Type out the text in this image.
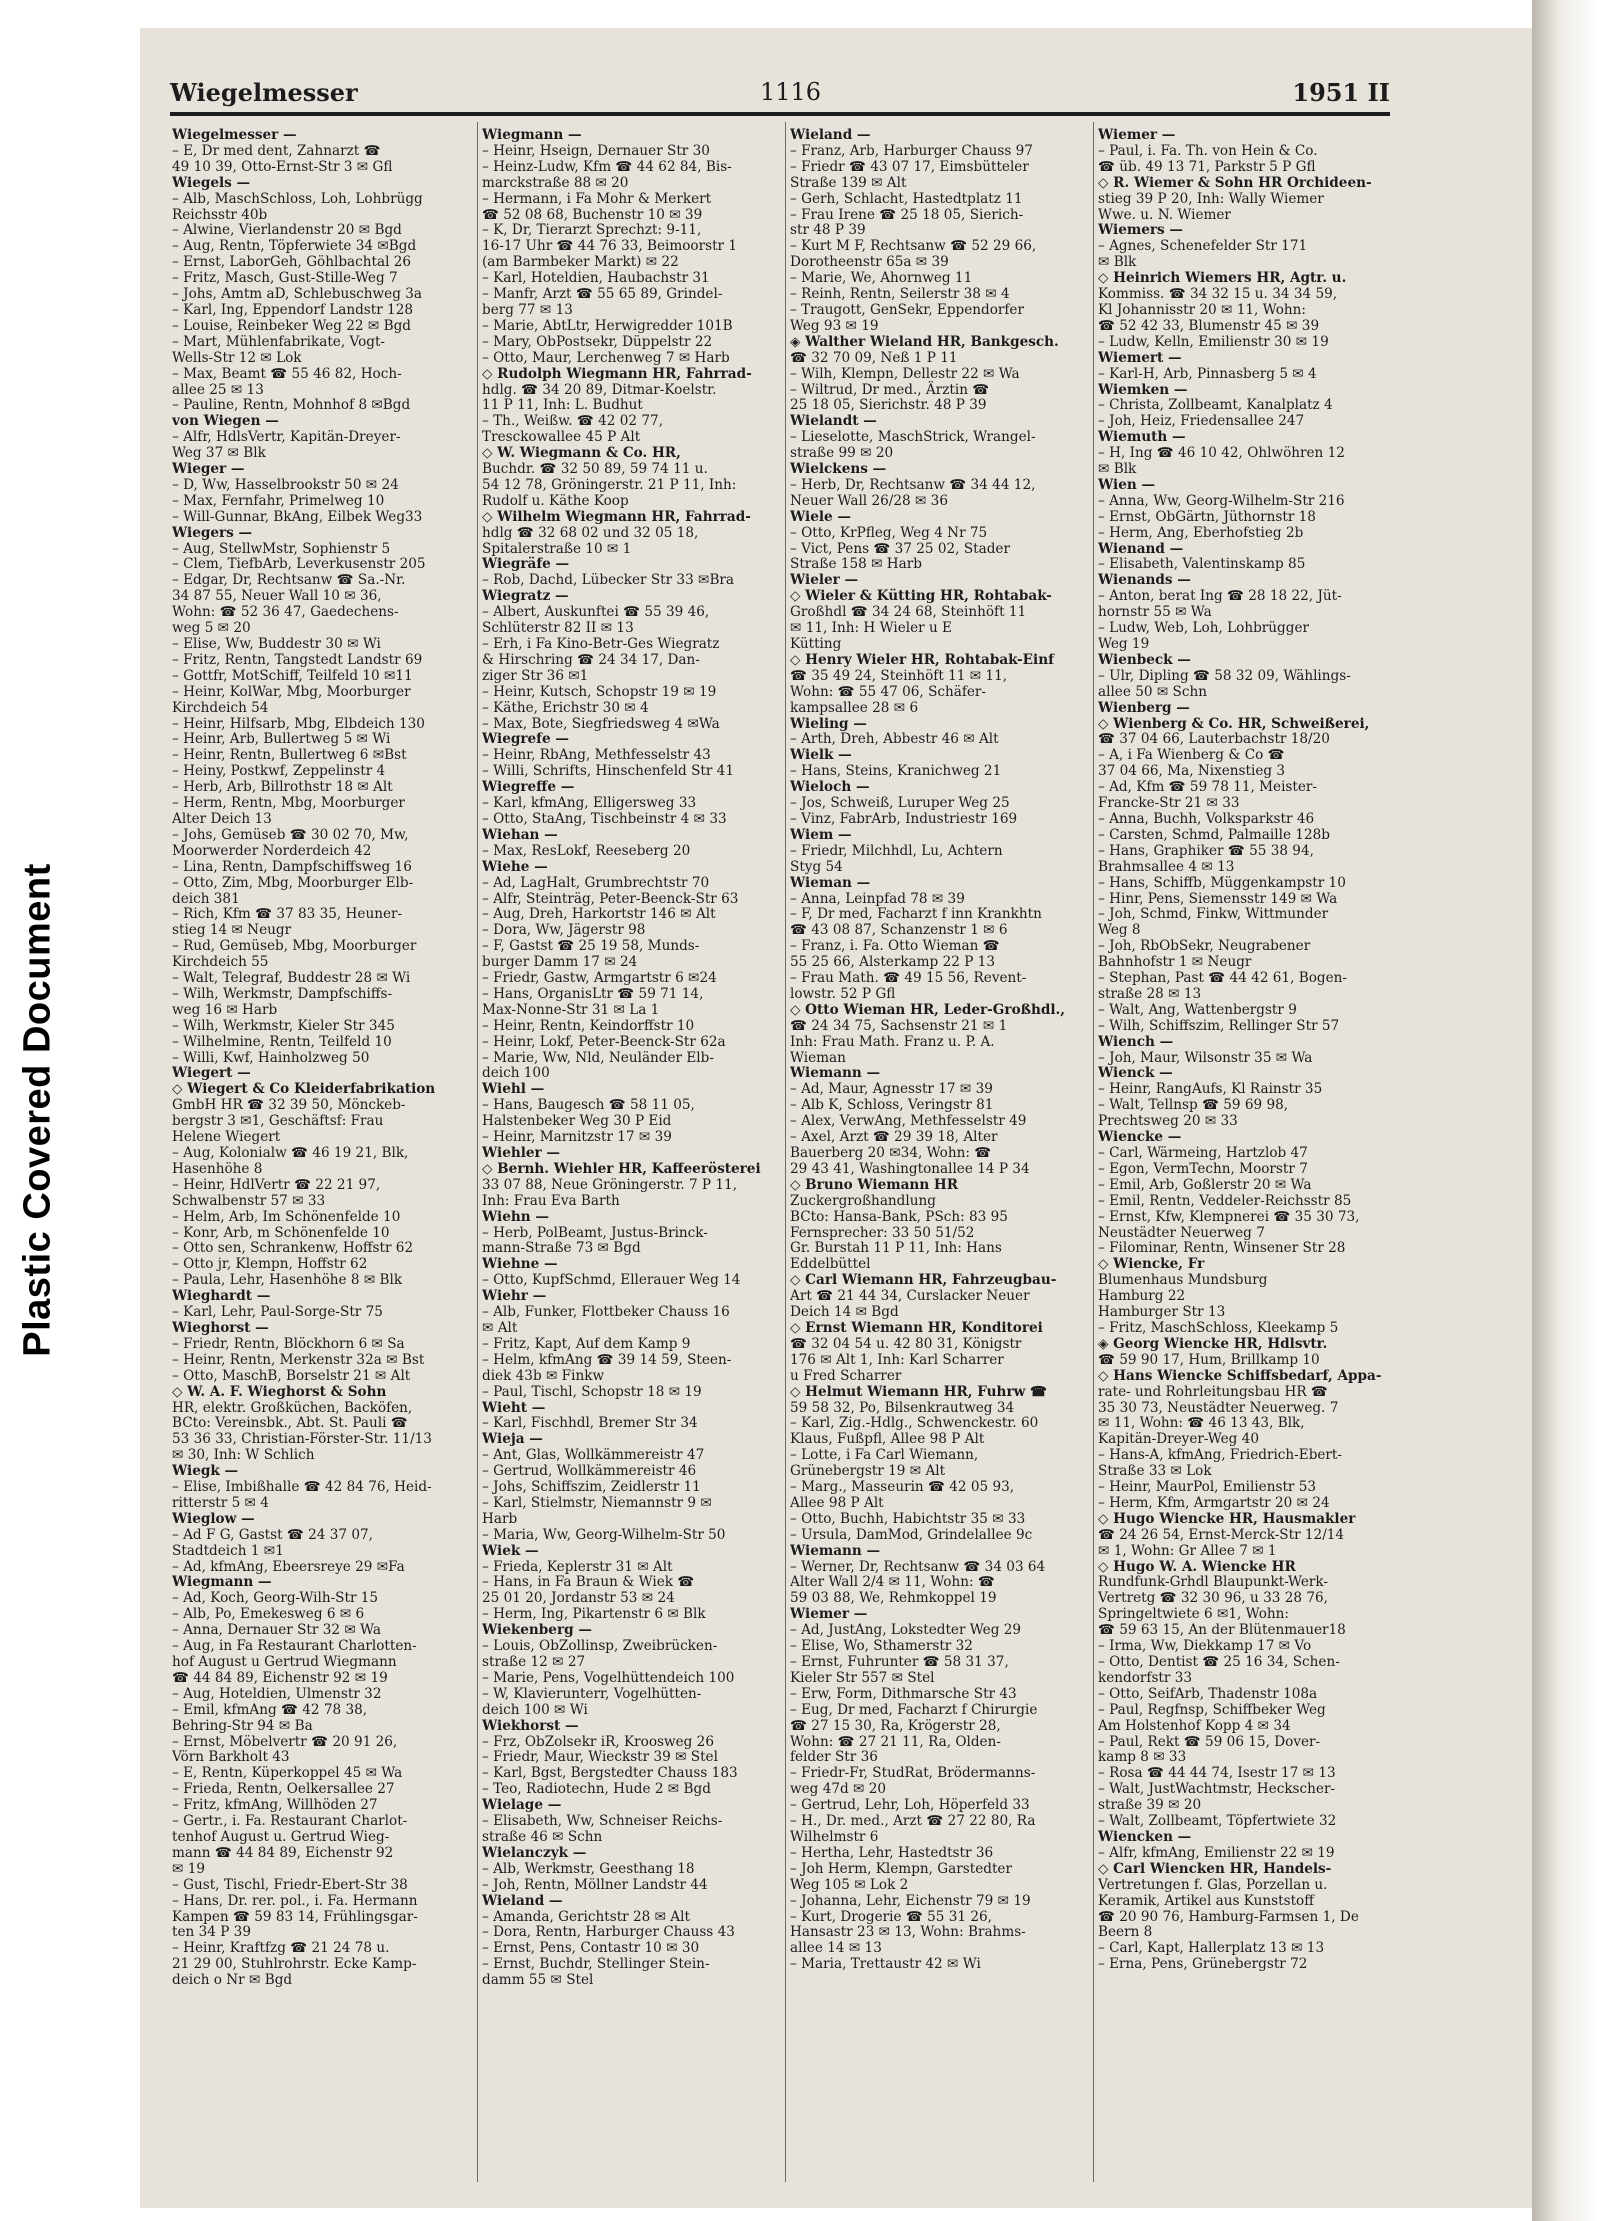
Plastic Covered Document
Wiegelmesser	1116	1951 II
Wiegelmesser —
– E, Dr med dent, Zahnarzt ☎
49 10 39, Otto-Ernst-Str 3 ✉ Gfl
Wiegels —
– Alb, MaschSchloss, Loh, Lohbrügg
Reichsstr 40b
– Alwine, Vierlandenstr 20 ✉ Bgd
– Aug, Rentn, Töpferwiete 34 ✉Bgd
– Ernst, LaborGeh, Göhlbachtal 26
– Fritz, Masch, Gust-Stille-Weg 7
– Johs, Amtm aD, Schlebuschweg 3a
– Karl, Ing, Eppendorf Landstr 128
– Louise, Reinbeker Weg 22 ✉ Bgd
– Mart, Mühlenfabrikate, Vogt-
Wells-Str 12 ✉ Lok
– Max, Beamt ☎ 55 46 82, Hoch-
allee 25 ✉ 13
– Pauline, Rentn, Mohnhof 8 ✉Bgd
von Wiegen —
– Alfr, HdlsVertr, Kapitän-Dreyer-
Weg 37 ✉ Blk
Wieger —
– D, Ww, Hasselbrookstr 50 ✉ 24
– Max, Fernfahr, Primelweg 10
– Will-Gunnar, BkAng, Eilbek Weg33
Wiegers —
– Aug, StellwMstr, Sophienstr 5
– Clem, TiefbArb, Leverkusenstr 205
– Edgar, Dr, Rechtsanw ☎ Sa.-Nr.
34 87 55, Neuer Wall 10 ✉ 36,
Wohn: ☎ 52 36 47, Gaedechens-
weg 5 ✉ 20
– Elise, Ww, Buddestr 30 ✉ Wi
– Fritz, Rentn, Tangstedt Landstr 69
– Gottfr, MotSchiff, Teilfeld 10 ✉11
– Heinr, KolWar, Mbg, Moorburger
Kirchdeich 54
– Heinr, Hilfsarb, Mbg, Elbdeich 130
– Heinr, Arb, Bullertweg 5 ✉ Wi
– Heinr, Rentn, Bullertweg 6 ✉Bst
– Heiny, Postkwf, Zeppelinstr 4
– Herb, Arb, Billrothstr 18 ✉ Alt
– Herm, Rentn, Mbg, Moorburger
Alter Deich 13
– Johs, Gemüseb ☎ 30 02 70, Mw,
Moorwerder Norderdeich 42
– Lina, Rentn, Dampfschiffsweg 16
– Otto, Zim, Mbg, Moorburger Elb-
deich 381
– Rich, Kfm ☎ 37 83 35, Heuner-
stieg 14 ✉ Neugr
– Rud, Gemüseb, Mbg, Moorburger
Kirchdeich 55
– Walt, Telegraf, Buddestr 28 ✉ Wi
– Wilh, Werkmstr, Dampfschiffs-
weg 16 ✉ Harb
– Wilh, Werkmstr, Kieler Str 345
– Wilhelmine, Rentn, Teilfeld 10
– Willi, Kwf, Hainholzweg 50
Wiegert —
◇ Wiegert & Co Kleiderfabrikation
GmbH HR ☎ 32 39 50, Mönckeb-
bergstr 3 ✉1, Geschäftsf: Frau
Helene Wiegert
– Aug, Kolonialw ☎ 46 19 21, Blk,
Hasenhöhe 8
– Heinr, HdlVertr ☎ 22 21 97,
Schwalbenstr 57 ✉ 33
– Helm, Arb, Im Schönenfelde 10
– Konr, Arb, m Schönenfelde 10
– Otto sen, Schrankenw, Hoffstr 62
– Otto jr, Klempn, Hoffstr 62
– Paula, Lehr, Hasenhöhe 8 ✉ Blk
Wieghardt —
– Karl, Lehr, Paul-Sorge-Str 75
Wieghorst —
– Friedr, Rentn, Blöckhorn 6 ✉ Sa
– Heinr, Rentn, Merkenstr 32a ✉ Bst
– Otto, MaschB, Borselstr 21 ✉ Alt
◇ W. A. F. Wieghorst & Sohn
HR, elektr. Großküchen, Backöfen,
BCto: Vereinsbk., Abt. St. Pauli ☎
53 36 33, Christian-Förster-Str. 11/13
✉ 30, Inh: W Schlich
Wiegk —
– Elise, Imbißhalle ☎ 42 84 76, Heid-
ritterstr 5 ✉ 4
Wieglow —
– Ad F G, Gastst ☎ 24 37 07,
Stadtdeich 1 ✉1
– Ad, kfmAng, Ebeersreye 29 ✉Fa
Wiegmann —
– Ad, Koch, Georg-Wilh-Str 15
– Alb, Po, Emekesweg 6 ✉ 6
– Anna, Dernauer Str 32 ✉ Wa
– Aug, in Fa Restaurant Charlotten-
hof August u Gertrud Wiegmann
☎ 44 84 89, Eichenstr 92 ✉ 19
– Aug, Hoteldien, Ulmenstr 32
– Emil, kfmAng ☎ 42 78 38,
Behring-Str 94 ✉ Ba
– Ernst, Möbelvertr ☎ 20 91 26,
Vörn Barkholt 43
– E, Rentn, Küperkoppel 45 ✉ Wa
– Frieda, Rentn, Oelkersallee 27
– Fritz, kfmAng, Willhöden 27
– Gertr., i. Fa. Restaurant Charlot-
tenhof August u. Gertrud Wieg-
mann ☎ 44 84 89, Eichenstr 92
✉ 19
– Gust, Tischl, Friedr-Ebert-Str 38
– Hans, Dr. rer. pol., i. Fa. Hermann
Kampen ☎ 59 83 14, Frühlingsgar-
ten 34 P 39
– Heinr, Kraftfzg ☎ 21 24 78 u.
21 29 00, Stuhlrohrstr. Ecke Kamp-
deich o Nr ✉ Bgd
Wiegmann —
– Heinr, Hseign, Dernauer Str 30
– Heinz-Ludw, Kfm ☎ 44 62 84, Bis-
marckstraße 88 ✉ 20
– Hermann, i Fa Mohr & Merkert
☎ 52 08 68, Buchenstr 10 ✉ 39
– K, Dr, Tierarzt Sprechzt: 9-11,
16-17 Uhr ☎ 44 76 33, Beimoorstr 1
(am Barmbeker Markt) ✉ 22
– Karl, Hoteldien, Haubachstr 31
– Manfr, Arzt ☎ 55 65 89, Grindel-
berg 77 ✉ 13
– Marie, AbtLtr, Herwigredder 101B
– Mary, ObPostsekr, Düppelstr 22
– Otto, Maur, Lerchenweg 7 ✉ Harb
◇ Rudolph Wiegmann HR, Fahrrad-
hdlg. ☎ 34 20 89, Ditmar-Koelstr.
11 P 11, Inh: L. Budhut
– Th., Weißw. ☎ 42 02 77,
Tresckowallee 45 P Alt
◇ W. Wiegmann & Co. HR,
Buchdr. ☎ 32 50 89, 59 74 11 u.
54 12 78, Gröningerstr. 21 P 11, Inh:
Rudolf u. Käthe Koop
◇ Wilhelm Wiegmann HR, Fahrrad-
hdlg ☎ 32 68 02 und 32 05 18,
Spitalerstraße 10 ✉ 1
Wiegräfe —
– Rob, Dachd, Lübecker Str 33 ✉Bra
Wiegratz —
– Albert, Auskunftei ☎ 55 39 46,
Schlüterstr 82 II ✉ 13
– Erh, i Fa Kino-Betr-Ges Wiegratz
& Hirschring ☎ 24 34 17, Dan-
ziger Str 36 ✉1
– Heinr, Kutsch, Schopstr 19 ✉ 19
– Käthe, Erichstr 30 ✉ 4
– Max, Bote, Siegfriedsweg 4 ✉Wa
Wiegrefe —
– Heinr, RbAng, Methfesselstr 43
– Willi, Schrifts, Hinschenfeld Str 41
Wiegreffe —
– Karl, kfmAng, Elligersweg 33
– Otto, StaAng, Tischbeinstr 4 ✉ 33
Wiehan —
– Max, ResLokf, Reeseberg 20
Wiehe —
– Ad, LagHalt, Grumbrechtstr 70
– Alfr, Steinträg, Peter-Beenck-Str 63
– Aug, Dreh, Harkortstr 146 ✉ Alt
– Dora, Ww, Jägerstr 98
– F, Gastst ☎ 25 19 58, Munds-
burger Damm 17 ✉ 24
– Friedr, Gastw, Armgartstr 6 ✉24
– Hans, OrganisLtr ☎ 59 71 14,
Max-Nonne-Str 31 ✉ La 1
– Heinr, Rentn, Keindorffstr 10
– Heinr, Lokf, Peter-Beenck-Str 62a
– Marie, Ww, Nld, Neuländer Elb-
deich 100
Wiehl —
– Hans, Baugesch ☎ 58 11 05,
Halstenbeker Weg 30 P Eid
– Heinr, Marnitzstr 17 ✉ 39
Wiehler —
◇ Bernh. Wiehler HR, Kaffeerösterei
33 07 88, Neue Gröningerstr. 7 P 11,
Inh: Frau Eva Barth
Wiehn —
– Herb, PolBeamt, Justus-Brinck-
mann-Straße 73 ✉ Bgd
Wiehne —
– Otto, KupfSchmd, Ellerauer Weg 14
Wiehr —
– Alb, Funker, Flottbeker Chauss 16
✉ Alt
– Fritz, Kapt, Auf dem Kamp 9
– Helm, kfmAng ☎ 39 14 59, Steen-
diek 43b ✉ Finkw
– Paul, Tischl, Schopstr 18 ✉ 19
Wieht —
– Karl, Fischhdl, Bremer Str 34
Wieja —
– Ant, Glas, Wollkämmereistr 47
– Gertrud, Wollkämmereistr 46
– Johs, Schiffszim, Zeidlerstr 11
– Karl, Stielmstr, Niemannstr 9 ✉
Harb
– Maria, Ww, Georg-Wilhelm-Str 50
Wiek —
– Frieda, Keplerstr 31 ✉ Alt
– Hans, in Fa Braun & Wiek ☎
25 01 20, Jordanstr 53 ✉ 24
– Herm, Ing, Pikartenstr 6 ✉ Blk
Wiekenberg —
– Louis, ObZollinsp, Zweibrücken-
straße 12 ✉ 27
– Marie, Pens, Vogelhüttendeich 100
– W, Klavierunterr, Vogelhütten-
deich 100 ✉ Wi
Wiekhorst —
– Frz, ObZolsekr iR, Kroosweg 26
– Friedr, Maur, Wieckstr 39 ✉ Stel
– Karl, Bgst, Bergstedter Chauss 183
– Teo, Radiotechn, Hude 2 ✉ Bgd
Wielage —
– Elisabeth, Ww, Schneiser Reichs-
straße 46 ✉ Schn
Wielanczyk —
– Alb, Werkmstr, Geesthang 18
– Joh, Rentn, Möllner Landstr 44
Wieland —
– Amanda, Gerichtstr 28 ✉ Alt
– Dora, Rentn, Harburger Chauss 43
– Ernst, Pens, Contastr 10 ✉ 30
– Ernst, Buchdr, Stellinger Stein-
damm 55 ✉ Stel
Wieland —
– Franz, Arb, Harburger Chauss 97
– Friedr ☎ 43 07 17, Eimsbütteler
Straße 139 ✉ Alt
– Gerh, Schlacht, Hastedtplatz 11
– Frau Irene ☎ 25 18 05, Sierich-
str 48 P 39
– Kurt M F, Rechtsanw ☎ 52 29 66,
Dorotheenstr 65a ✉ 39
– Marie, We, Ahornweg 11
– Reinh, Rentn, Seilerstr 38 ✉ 4
– Traugott, GenSekr, Eppendorfer
Weg 93 ✉ 19
◈ Walther Wieland HR, Bankgesch.
☎ 32 70 09, Neß 1 P 11
– Wilh, Klempn, Dellestr 22 ✉ Wa
– Wiltrud, Dr med., Ärztin ☎
25 18 05, Sierichstr. 48 P 39
Wielandt —
– Lieselotte, MaschStrick, Wrangel-
straße 99 ✉ 20
Wielckens —
– Herb, Dr, Rechtsanw ☎ 34 44 12,
Neuer Wall 26/28 ✉ 36
Wiele —
– Otto, KrPfleg, Weg 4 Nr 75
– Vict, Pens ☎ 37 25 02, Stader
Straße 158 ✉ Harb
Wieler —
◇ Wieler & Kütting HR, Rohtabak-
Großhdl ☎ 34 24 68, Steinhöft 11
✉ 11, Inh: H Wieler u E
Kütting
◇ Henry Wieler HR, Rohtabak-Einf
☎ 35 49 24, Steinhöft 11 ✉ 11,
Wohn: ☎ 55 47 06, Schäfer-
kampsallee 28 ✉ 6
Wieling —
– Arth, Dreh, Abbestr 46 ✉ Alt
Wielk —
– Hans, Steins, Kranichweg 21
Wieloch —
– Jos, Schweiß, Luruper Weg 25
– Vinz, FabrArb, Industriestr 169
Wiem —
– Friedr, Milchhdl, Lu, Achtern
Styg 54
Wieman —
– Anna, Leinpfad 78 ✉ 39
– F, Dr med, Facharzt f inn Krankhtn
☎ 43 08 87, Schanzenstr 1 ✉ 6
– Franz, i. Fa. Otto Wieman ☎
55 25 66, Alsterkamp 22 P 13
– Frau Math. ☎ 49 15 56, Revent-
lowstr. 52 P Gfl
◇ Otto Wieman HR, Leder-Großhdl.,
☎ 24 34 75, Sachsenstr 21 ✉ 1
Inh: Frau Math. Franz u. P. A.
Wieman
Wiemann —
– Ad, Maur, Agnesstr 17 ✉ 39
– Alb K, Schloss, Veringstr 81
– Alex, VerwAng, Methfesselstr 49
– Axel, Arzt ☎ 29 39 18, Alter
Bauerberg 20 ✉34, Wohn: ☎
29 43 41, Washingtonallee 14 P 34
◇ Bruno Wiemann HR
Zuckergroßhandlung
BCto: Hansa-Bank, PSch: 83 95
Fernsprecher: 33 50 51/52
Gr. Burstah 11 P 11, Inh: Hans
Eddelbüttel
◇ Carl Wiemann HR, Fahrzeugbau-
Art ☎ 21 44 34, Curslacker Neuer
Deich 14 ✉ Bgd
◇ Ernst Wiemann HR, Konditorei
☎ 32 04 54 u. 42 80 31, Königstr
176 ✉ Alt 1, Inh: Karl Scharrer
u Fred Scharrer
◇ Helmut Wiemann HR, Fuhrw ☎
59 58 32, Po, Bilsenkrautweg 34
– Karl, Zig.-Hdlg., Schwenckestr. 60
Klaus, Fußpfl, Allee 98 P Alt
– Lotte, i Fa Carl Wiemann,
Grünebergstr 19 ✉ Alt
– Marg., Masseurin ☎ 42 05 93,
Allee 98 P Alt
– Otto, Buchh, Habichtstr 35 ✉ 33
– Ursula, DamMod, Grindelallee 9c
Wiemann —
– Werner, Dr, Rechtsanw ☎ 34 03 64
Alter Wall 2/4 ✉ 11, Wohn: ☎
59 03 88, We, Rehmkoppel 19
Wiemer —
– Ad, JustAng, Lokstedter Weg 29
– Elise, Wo, Sthamerstr 32
– Ernst, Fuhrunter ☎ 58 31 37,
Kieler Str 557 ✉ Stel
– Erw, Form, Dithmarsche Str 43
– Eug, Dr med, Facharzt f Chirurgie
☎ 27 15 30, Ra, Krögerstr 28,
Wohn: ☎ 27 21 11, Ra, Olden-
felder Str 36
– Friedr-Fr, StudRat, Brödermanns-
weg 47d ✉ 20
– Gertrud, Lehr, Loh, Höperfeld 33
– H., Dr. med., Arzt ☎ 27 22 80, Ra
Wilhelmstr 6
– Hertha, Lehr, Hastedtstr 36
– Joh Herm, Klempn, Garstedter
Weg 105 ✉ Lok 2
– Johanna, Lehr, Eichenstr 79 ✉ 19
– Kurt, Drogerie ☎ 55 31 26,
Hansastr 23 ✉ 13, Wohn: Brahms-
allee 14 ✉ 13
– Maria, Trettaustr 42 ✉ Wi
Wiemer —
– Paul, i. Fa. Th. von Hein & Co.
☎ üb. 49 13 71, Parkstr 5 P Gfl
◇ R. Wiemer & Sohn HR Orchideen-
stieg 39 P 20, Inh: Wally Wiemer
Wwe. u. N. Wiemer
Wiemers —
– Agnes, Schenefelder Str 171
✉ Blk
◇ Heinrich Wiemers HR, Agtr. u.
Kommiss. ☎ 34 32 15 u. 34 34 59,
Kl Johannisstr 20 ✉ 11, Wohn:
☎ 52 42 33, Blumenstr 45 ✉ 39
– Ludw, Kelln, Emilienstr 30 ✉ 19
Wiemert —
– Karl-H, Arb, Pinnasberg 5 ✉ 4
Wiemken —
– Christa, Zollbeamt, Kanalplatz 4
– Joh, Heiz, Friedensallee 247
Wiemuth —
– H, Ing ☎ 46 10 42, Ohlwöhren 12
✉ Blk
Wien —
– Anna, Ww, Georg-Wilhelm-Str 216
– Ernst, ObGärtn, Jüthornstr 18
– Herm, Ang, Eberhofstieg 2b
Wienand —
– Elisabeth, Valentinskamp 85
Wienands —
– Anton, berat Ing ☎ 28 18 22, Jüt-
hornstr 55 ✉ Wa
– Ludw, Web, Loh, Lohbrügger
Weg 19
Wienbeck —
– Ulr, Dipling ☎ 58 32 09, Wählings-
allee 50 ✉ Schn
Wienberg —
◇ Wienberg & Co. HR, Schweißerei,
☎ 37 04 66, Lauterbachstr 18/20
– A, i Fa Wienberg & Co ☎
37 04 66, Ma, Nixenstieg 3
– Ad, Kfm ☎ 59 78 11, Meister-
Francke-Str 21 ✉ 33
– Anna, Buchh, Volksparkstr 46
– Carsten, Schmd, Palmaille 128b
– Hans, Graphiker ☎ 55 38 94,
Brahmsallee 4 ✉ 13
– Hans, Schiffb, Müggenkampstr 10
– Hinr, Pens, Siemensstr 149 ✉ Wa
– Joh, Schmd, Finkw, Wittmunder
Weg 8
– Joh, RbObSekr, Neugrabener
Bahnhofstr 1 ✉ Neugr
– Stephan, Past ☎ 44 42 61, Bogen-
straße 28 ✉ 13
– Walt, Ang, Wattenbergstr 9
– Wilh, Schiffszim, Rellinger Str 57
Wiench —
– Joh, Maur, Wilsonstr 35 ✉ Wa
Wienck —
– Heinr, RangAufs, Kl Rainstr 35
– Walt, Tellnsp ☎ 59 69 98,
Prechtsweg 20 ✉ 33
Wiencke —
– Carl, Wärmeing, Hartzlob 47
– Egon, VermTechn, Moorstr 7
– Emil, Arb, Goßlerstr 20 ✉ Wa
– Emil, Rentn, Veddeler-Reichsstr 85
– Ernst, Kfw, Klempnerei ☎ 35 30 73,
Neustädter Neuerweg 7
– Filominar, Rentn, Winsener Str 28
◇ Wiencke, Fr
Blumenhaus Mundsburg
Hamburg 22
Hamburger Str 13
– Fritz, MaschSchloss, Kleekamp 5
◈ Georg Wiencke HR, Hdlsvtr.
☎ 59 90 17, Hum, Brillkamp 10
◇ Hans Wiencke Schiffsbedarf, Appa-
rate- und Rohrleitungsbau HR ☎
35 30 73, Neustädter Neuerweg. 7
✉ 11, Wohn: ☎ 46 13 43, Blk,
Kapitän-Dreyer-Weg 40
– Hans-A, kfmAng, Friedrich-Ebert-
Straße 33 ✉ Lok
– Heinr, MaurPol, Emilienstr 53
– Herm, Kfm, Armgartstr 20 ✉ 24
◇ Hugo Wiencke HR, Hausmakler
☎ 24 26 54, Ernst-Merck-Str 12/14
✉ 1, Wohn: Gr Allee 7 ✉ 1
◇ Hugo W. A. Wiencke HR
Rundfunk-Grhdl Blaupunkt-Werk-
Vertretg ☎ 32 30 96, u 33 28 76,
Springeltwiete 6 ✉1, Wohn:
☎ 59 63 15, An der Blütenmauer18
– Irma, Ww, Diekkamp 17 ✉ Vo
– Otto, Dentist ☎ 25 16 34, Schen-
kendorfstr 33
– Otto, SeifArb, Thadenstr 108a
– Paul, Regfnsp, Schiffbeker Weg
Am Holstenhof Kopp 4 ✉ 34
– Paul, Rekt ☎ 59 06 15, Dover-
kamp 8 ✉ 33
– Rosa ☎ 44 44 74, Isestr 17 ✉ 13
– Walt, JustWachtmstr, Heckscher-
straße 39 ✉ 20
– Walt, Zollbeamt, Töpfertwiete 32
Wiencken —
– Alfr, kfmAng, Emilienstr 22 ✉ 19
◇ Carl Wiencken HR, Handels-
Vertretungen f. Glas, Porzellan u.
Keramik, Artikel aus Kunststoff
☎ 20 90 76, Hamburg-Farmsen 1, De
Beern 8
– Carl, Kapt, Hallerplatz 13 ✉ 13
– Erna, Pens, Grünebergstr 72
